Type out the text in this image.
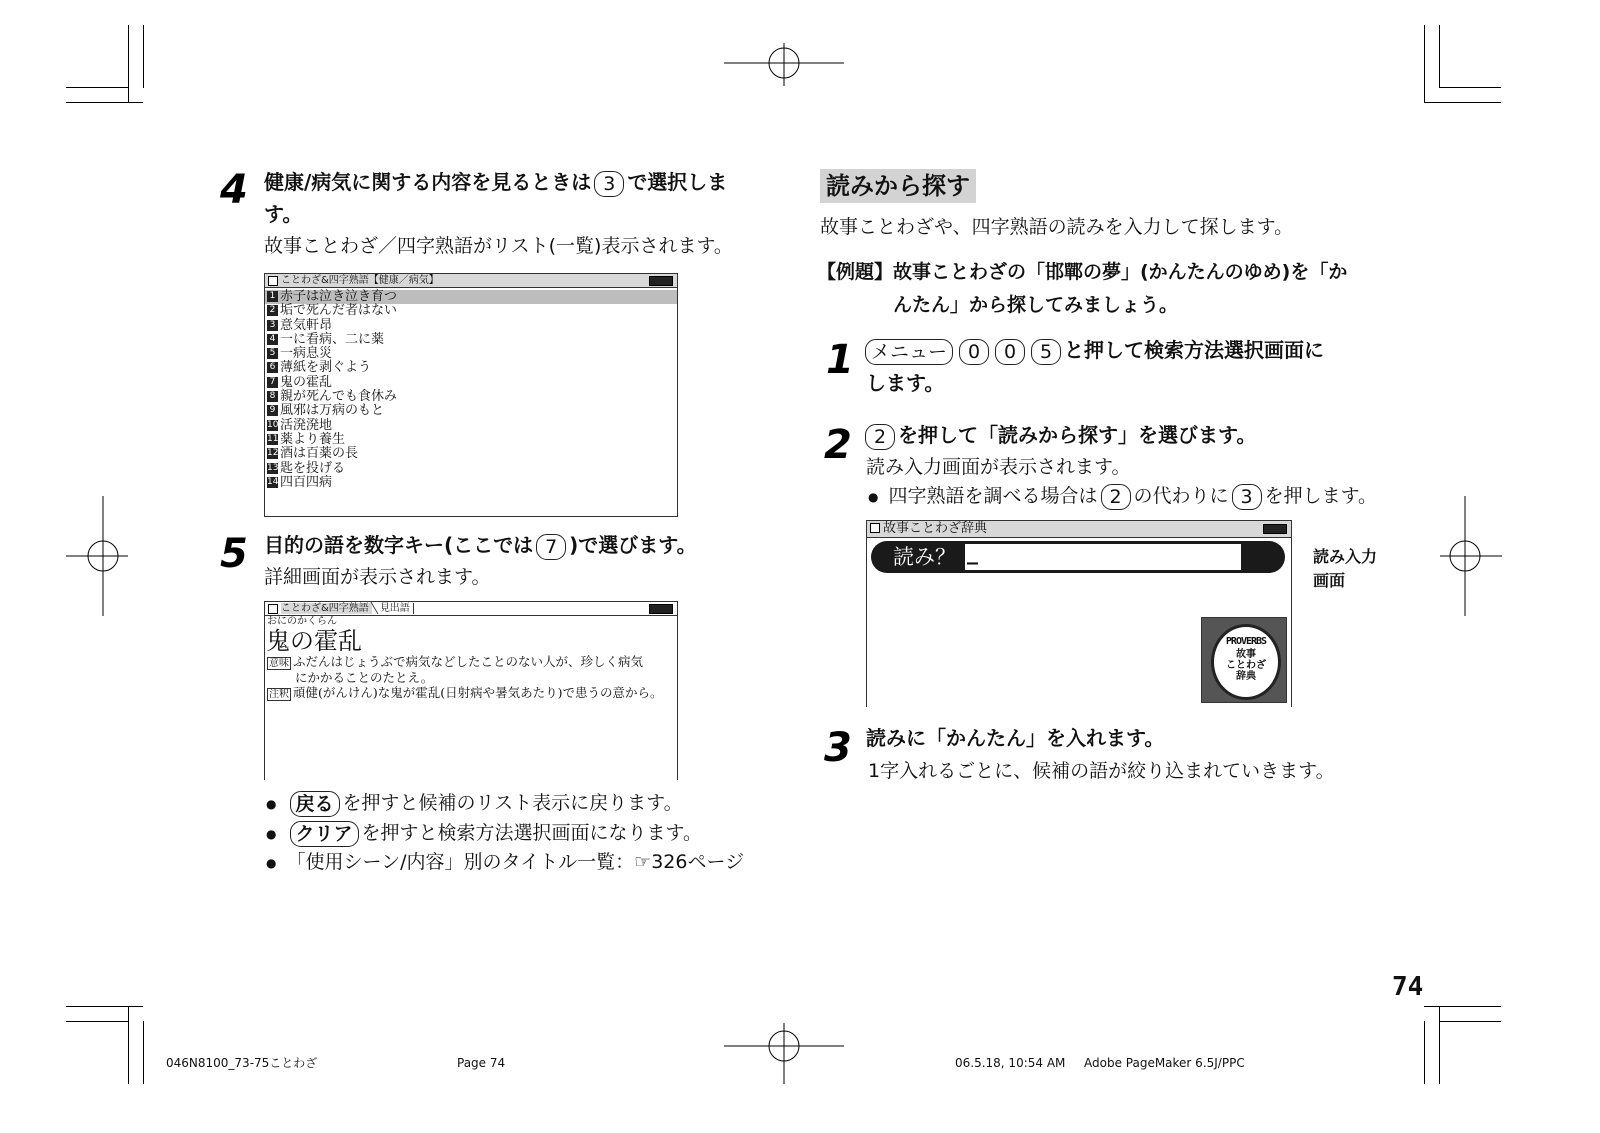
4 健康/病気に関する内容を見るときは 3 で選択しま
す。
故事ことわざ／四字熟語がリスト(一覧)表示されます。
ことわざ&四字熟語【健康／病気】
1 赤子は泣き泣き育つ
2 垢で死んだ者はない
3 意気軒昂
4 一に看病、二に薬
5 一病息災
6 薄紙を剥ぐよう
7 鬼の霍乱
8 親が死んでも食休み
9 風邪は万病のもと
10 活溌溌地
11 薬より養生
12 酒は百薬の長
13 匙を投げる
14 四百四病
5 目的の語を数字キー(ここでは 7 )で選びます。
詳細画面が表示されます。
ことわざ&四字熟語 見出語
おにのかくらん
鬼の霍乱
意味 ふだんはじょうぶで病気などしたことのない人が、珍しく病気
にかかることのたとえ。
注釈 頑健(がんけん)な鬼が霍乱(日射病や暑気あたり)で患うの意から。
● 戻る を押すと候補のリスト表示に戻ります。
● クリア を押すと検索方法選択画面になります。
● 「使用シーン/内容」別のタイトル一覧：☞326ページ
読みから探す
故事ことわざや、四字熟語の読みを入力して探します。
【例題】 故事ことわざの「邯鄲の夢」(かんたんのゆめ)を「か
んたん」から探してみましょう。
1 メニュー 0 0 5 と押して検索方法選択画面に
します。
2	2 を押して「読みから探す」を選びます。
読み入力画面が表示されます。
● 四字熟語を調べる場合は 2 の代わりに 3 を押します。
故事ことわざ辞典
読み？ _
PROVERBS
故事
ことわざ
辞典
読み入力
画面
3 読みに「かんたん」を入れます。
1字入れるごとに、候補の語が絞り込まれていきます。
74
046N8100_73-75ことわざ	Page 74	06.5.18, 10:54 AM Adobe PageMaker 6.5J/PPC
